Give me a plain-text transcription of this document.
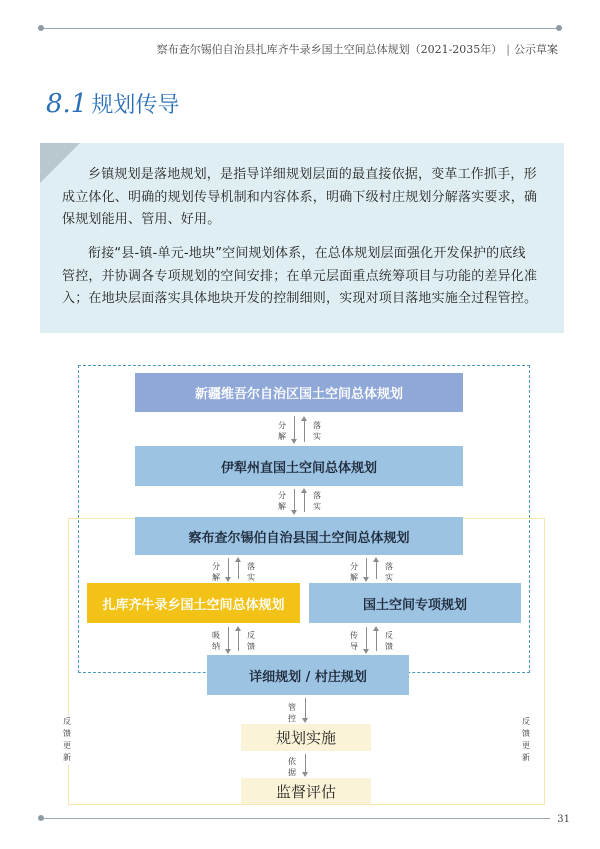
察布查尔锡伯自治县扎库齐牛录乡国土空间总体规划（2021-2035年） | 公示草案
8.1 规划传导
乡镇规划是落地规划，是指导详细规划层面的最直接依据，变革工作抓手，形
成立体化、明确的规划传导机制和内容体系，明确下级村庄规划分解落实要求，确
保规划能用、管用、好用。
衔接“县-镇-单元-地块”空间规划体系，在总体规划层面强化开发保护的底线
管控，并协调各专项规划的空间安排；在单元层面重点统筹项目与功能的差异化准
入；在地块层面落实具体地块开发的控制细则，实现对项目落地实施全过程管控。
新疆维吾尔自治区国土空间总体规划
伊犁州直国土空间总体规划
察布查尔锡伯自治县国土空间总体规划
扎库齐牛录乡国土空间总体规划	国土空间专项规划
详细规划 / 村庄规划
规划实施
监督评估
分解
落实
分解
落实
分解
落实
分解
落实
吸纳
反馈
传导
反馈
管控
依据
反馈更新
反馈更新
31
